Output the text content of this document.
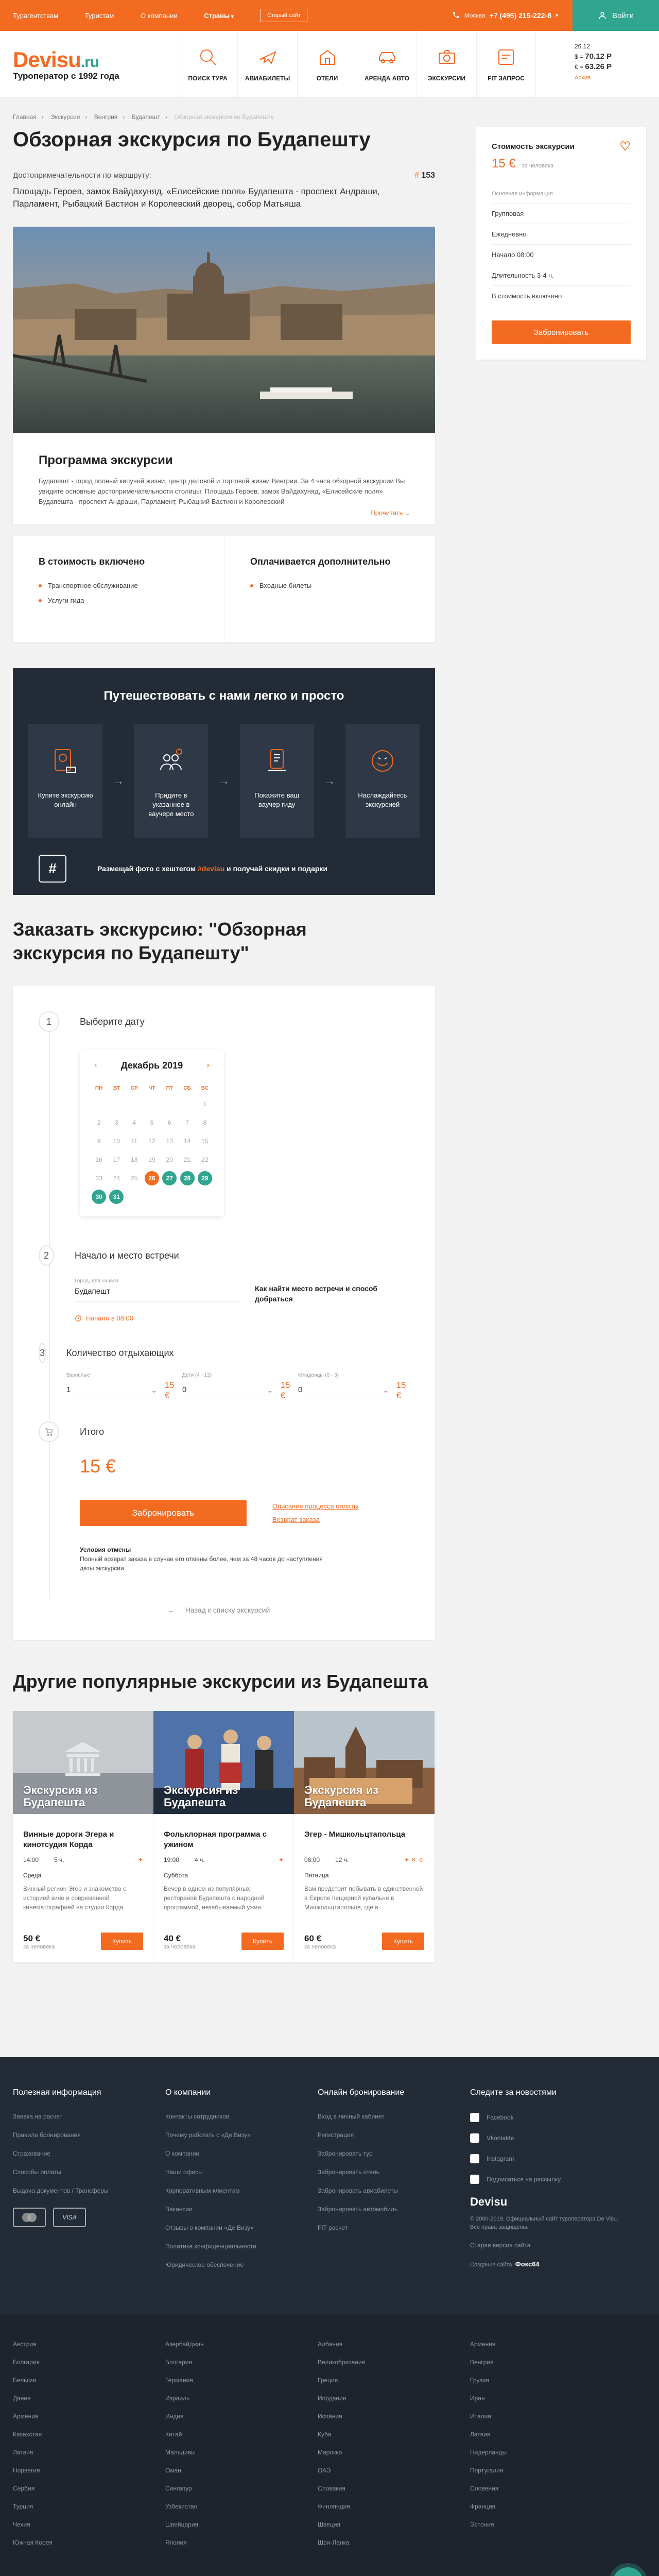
Турагентствам	Туристам	О компании	Страны ▾	Старый сайт	Москва +7 (495) 215-222-8 ▾	Войти
Devisu.ru
Туроператор с 1992 года	ПОИСК ТУРА	АВИАБИЛЕТЫ	ОТЕЛИ	АРЕНДА АВТО	ЭКСКУРСИИ	FIT ЗАПРОС
26.12
$ = 70.12 Р
€ = 63.26 Р
Архив
Главная › Экскурсии › Венгрия › Будапешт › Обзорная экскурсия по Будапешту
Обзорная экскурсия по Будапешту
Достопримечательности по маршруту:	# 153
Площадь Героев, замок Вайдахуняд, «Елисейские поля» Будапешта - проспект Андраши, Парламент, Рыбацкий Бастион и Королевский дворец, собор Матьяша
Программа экскурсии

Будапешт - город полный кипучей жизни, центр деловой и торговой жизни Венгрии. За 4 часа обзорной экскурсии Вы увидите основные достопримечательности столицы: Площадь Героев, замок Вайдахуняд, «Елисейские поля» Будапешта - проспект Андраши, Парламент, Рыбацкий Бастион и Королевский

Прочитать ⌄
В стоимость включено
Транспортное обслуживание
Услуги гида
Оплачивается дополнительно
Входные билеты
Путешествовать с нами легко и просто
Купите экскурсию онлайн
→
Придите в указанное в ваучере место
→
Покажите ваш ваучер гиду
→
Наслаждайтесь экскурсией
#	Размещай фото с хештегом #devisu и получай скидки и подарки
Заказать экскурсию: "Обзорная экскурсия по Будапешту"
1	Выберите дату
‹	Декабрь 2019	›
ПН	ВТ	СР	ЧТ	ПТ	СБ	ВС
						1
2	3	4	5	6	7	8
9	10	11	12	13	14	15
16	17	18	19	20	21	22
23	24	25	26	27	28	29
30	31					
2	Начало и место встречи
Город, для начала
Будапешт	Как найти место встречи и способ добраться
Начало в 08:00
3 Количество отдыхающих
Взрослые
1
⌄	15 €
Дети (4 - 12)
0
⌄	15 €
Младенцы (0 - 3)
0
⌄	15 €
Итого
15 €
Забронировать
Описание процесса оплаты
Возврат заказа
Условия отмены
Полный возврат заказа в случае его отмены более, чем за 48 часов до наступления даты экскурсии
← Назад к списку экскурсий
Стоимость экскурсии	♡
15 € за человека
Основная информация
Групповая
Ежедневно
Начало 08:00
Длительность 3-4 ч.
В стоимость включено
Забронировать
Другие популярные экскурсии из Будапешта
Экскурсия из Будапешта
Винные дороги Эгера и кинотсудия Корда
14:00	5 ч.	✦
Среда
Винный регион Эгер и знакомство с историей кино и современной кинематографией на студии Корда
50 €
за человека
Купить
Экскурсия из Будапешта
Фольклорная программа с ужином
19:00	4 ч.	✦
Суббота
Вечер в одном из популярных ресторанов Будапешта с народной программой, незабываемый ужин
40 €
за человека
Купить
Экскурсия из Будапешта
Эгер - Мишкольцтапольца
08:00	12 ч.	✦ ✕ ☺
Пятница
Вам предстоит побывать в единственной в Европе пещерной купальне в Мишкольцтапольце, где в
60 €
за человека
Купить
Полезная информация
Заявка на расчет
Правила бронирования
Страхование
Способы оплаты
Выдача документов / Трансферы
VISA
О компании
Контакты сотрудников
Почему работать с «Де Визу»
О компании
Наши офисы
Корпоративным клиентам
Вакансии
Отзывы о компании «Де Визу»
Политика конфиденциальности
Юридическое обеспечение
Онлайн бронирование
Вход в личный кабинет
Регистрация
Забронировать тур
Забронировать отель
Забронировать авиабилеты
Забронировать автомобиль
FIT расчет
Следите за новостями
Facebook
Vkontakte
Instagram
Подписаться на рассылку
Devisu
© 2000-2019. Официальный сайт туроператора De Visu. Все права защищены.
Старая версия сайта
Создание сайта Фокс64
Австрия
Болгария
Бельгия
Дания
Армения
Казахстан
Латвия
Норвегия
Сербия
Турция
Чехия
Южная Корея
Азербайджан
Болгария
Германия
Израиль
Индия
Китай
Мальдивы
Оман
Сингапур
Узбекистан
Швейцария
Япония
Албания
Великобритания
Греция
Иордания
Испания
Куба
Марокко
ОАЭ
Словакия
Финляндия
Швеция
Шри-Ланка
Армения
Венгрия
Грузия
Иран
Италия
Латвия
Нидерланды
Португалия
Словения
Франция
Эстония
